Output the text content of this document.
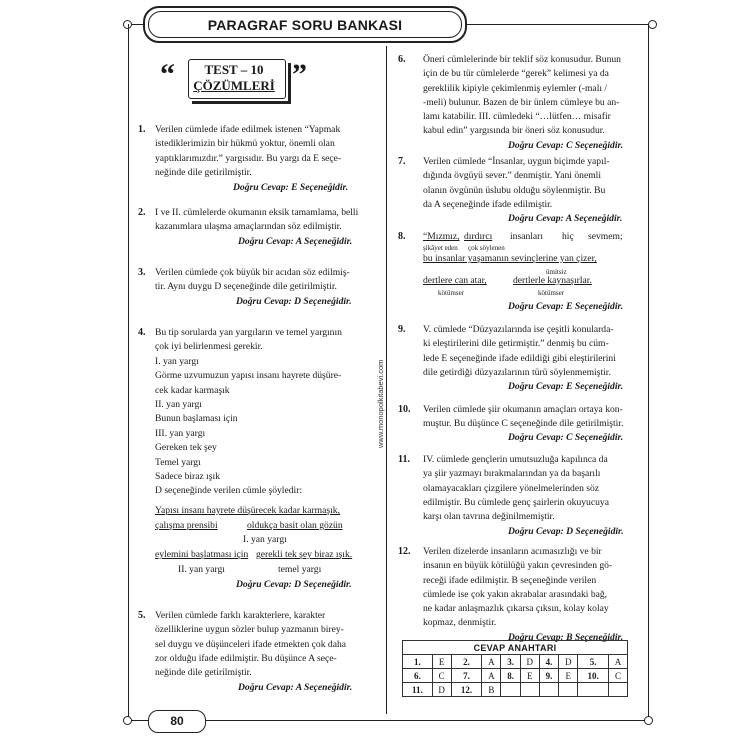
PARAGRAF SORU BANKASI
“	”
TEST – 10
ÇÖZÜMLERİ
www.monopolkitabevi.com
1. Verilen cümlede ifade edilmek istenen “Yapmak
istediklerimizin bir hükmü yoktur, önemli olan
yaptıklarımızdır.” yargısıdır. Bu yargı da E seçe-
neğinde dile getirilmiştir.
Doğru Cevap: E Seçeneğidir.
2. I ve II. cümlelerde okumanın eksik tamamlama, belli
kazanımlara ulaşma amaçlarından söz edilmiştir.
Doğru Cevap: A Seçeneğidir.
3. Verilen cümlede çok büyük bir acıdan söz edilmiş-
tir. Aynı duygu D seçeneğinde dile getirilmiştir.
Doğru Cevap: D Seçeneğidir.
4. Bu tip sorularda yan yargıların ve temel yargının
çok iyi belirlenmesi gerekir.
I. yan yargı
Görme uzvumuzun yapısı insanı hayrete düşüre-
cek kadar karmaşık
II. yan yargı
Bunun başlaması için
III. yan yargı
Gereken tek şey
Temel yargı
Sadece biraz ışık
D seçeneğinde verilen cümle şöyledir:
Yapısı insanı hayrete düşürecek kadar karmaşık,
çalışma prensibi	oldukça basit olan gözün
I. yan yargı
eylemini başlatması için gerekli tek şey biraz ışık.
II. yan yargı	temel yargı
Doğru Cevap: D Seçeneğidir.
5. Verilen cümlede farklı karakterlere, karakter
özelliklerine uygun sözler bulup yazmanın birey-
sel duygu ve düşünceleri ifade etmekten çok daha
zor olduğu ifade edilmiştir. Bu düşünce A seçe-
neğinde dile getirilmiştir.
Doğru Cevap: A Seçeneğidir.
6. Öneri cümlelerinde bir teklif söz konusudur. Bunun
için de bu tür cümlelerde “gerek” kelimesi ya da
gereklilik kipiyle çekimlenmiş eylemler (-malı /
-meli) bulunur. Bazen de bir ünlem cümleye bu an-
lamı katabilir. III. cümledeki “…lütfen… misafir
kabul edin” yargısında bir öneri söz konusudur.
Doğru Cevap: C Seçeneğidir.
7. Verilen cümlede “İnsanlar, uygun biçimde yapıl-
dığında övgüyü sever.” denmiştir. Yani önemli
olanın övgünün üslubu olduğu söylenmiştir. Bu
da A seçeneğinde ifade edilmiştir.
Doğru Cevap: A Seçeneğidir.
8. “Mızmız, dırdırcı insanları hiç sevmem;
şikâyet eden çok söylenen
bu insanlar yaşamanın sevinçlerine yan çizer,
ümitsiz
dertlere can atar,	dertlerle kaynaşırlar.
kötümser	kötümser
Doğru Cevap: E Seçeneğidir.
9. V. cümlede “Düzyazılarında ise çeşitli konularda-
ki eleştirilerini dile getirmiştir.” denmiş bu cüm-
lede E seçeneğinde ifade edildiği gibi eleştirilerini
dile getirdiği düzyazılarının türü söylenmemiştir.
Doğru Cevap: E Seçeneğidir.
10. Verilen cümlede şiir okumanın amaçları ortaya kon-
muştur. Bu düşünce C seçeneğinde dile getirilmiştir.
Doğru Cevap: C Seçeneğidir.
11. IV. cümlede gençlerin umutsuzluğa kapılınca da
ya şiir yazmayı bırakmalarından ya da başarılı
olamayacakları çizgilere yönelmelerinden söz
edilmiştir. Bu cümlede genç şairlerin okuyucuya
karşı olan tavrına değinilmemiştir.
Doğru Cevap: D Seçeneğidir.
12. Verilen dizelerde insanların acımasızlığı ve bir
insanın en büyük kötülüğü yakın çevresinden gö-
receği ifade edilmiştir. B seçeneğinde verilen
cümlede ise çok yakın akrabalar arasındaki bağ,
ne kadar anlaşmazlık çıkarsa çıksın, kolay kolay
kopmaz, denmiştir.
Doğru Cevap: B Seçeneğidir.
CEVAP ANAHTARI									
1.	E	2.	A	3.	D	4.	D	5.	A
6.	C	7.	A	8.	E	9.	E	10.	C
11.	D	12.	B						
80
